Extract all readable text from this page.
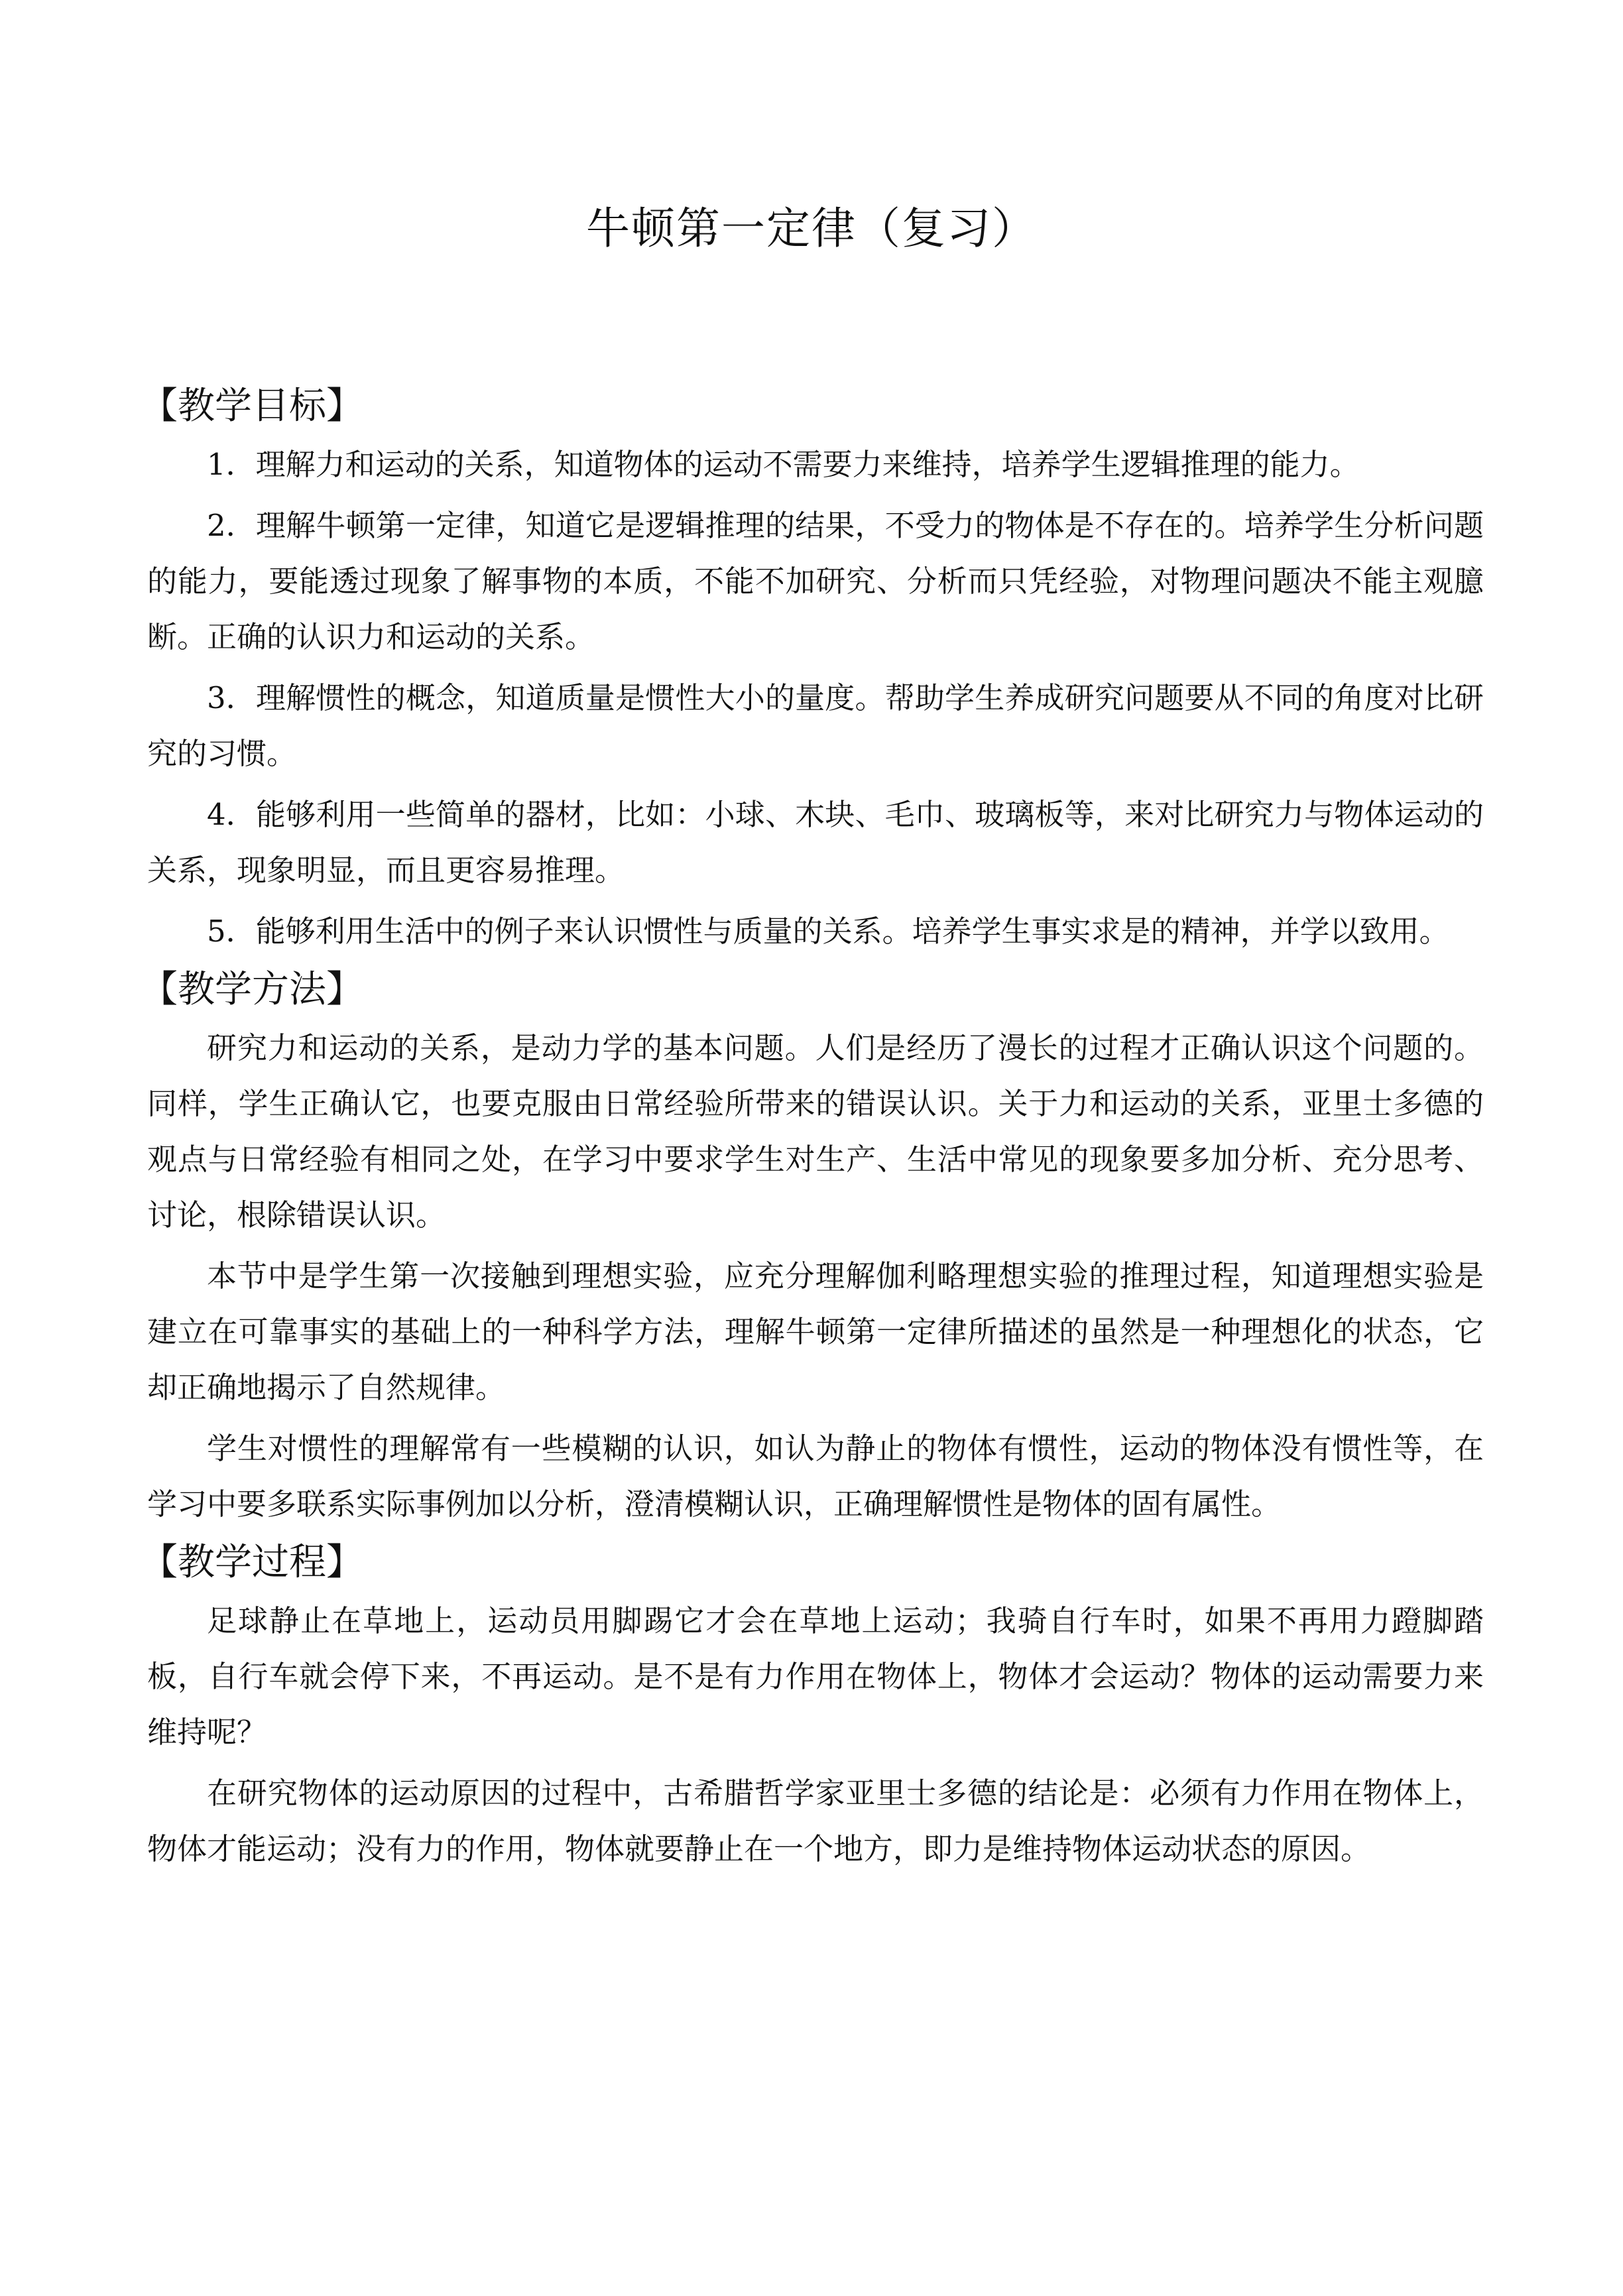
牛顿第一定律（复习）
【教学目标】

1．理解力和运动的关系，知道物体的运动不需要力来维持，培养学生逻辑推理的能力。

2．理解牛顿第一定律，知道它是逻辑推理的结果，不受力的物体是不存在的。培养学生分析问题的能力，要能透过现象了解事物的本质，不能不加研究、分析而只凭经验，对物理问题决不能主观臆断。正确的认识力和运动的关系。

3．理解惯性的概念，知道质量是惯性大小的量度。帮助学生养成研究问题要从不同的角度对比研究的习惯。

4．能够利用一些简单的器材，比如：小球、木块、毛巾、玻璃板等，来对比研究力与物体运动的关系，现象明显，而且更容易推理。

5．能够利用生活中的例子来认识惯性与质量的关系。培养学生事实求是的精神，并学以致用。

【教学方法】

研究力和运动的关系，是动力学的基本问题。人们是经历了漫长的过程才正确认识这个问题的。同样，学生正确认它，也要克服由日常经验所带来的错误认识。关于力和运动的关系，亚里士多德的观点与日常经验有相同之处，在学习中要求学生对生产、生活中常见的现象要多加分析、充分思考、讨论，根除错误认识。

本节中是学生第一次接触到理想实验，应充分理解伽利略理想实验的推理过程，知道理想实验是建立在可靠事实的基础上的一种科学方法，理解牛顿第一定律所描述的虽然是一种理想化的状态，它却正确地揭示了自然规律。

学生对惯性的理解常有一些模糊的认识，如认为静止的物体有惯性，运动的物体没有惯性等，在学习中要多联系实际事例加以分析，澄清模糊认识，正确理解惯性是物体的固有属性。

【教学过程】

足球静止在草地上，运动员用脚踢它才会在草地上运动；我骑自行车时，如果不再用力蹬脚踏板，自行车就会停下来，不再运动。是不是有力作用在物体上，物体才会运动？物体的运动需要力来维持呢？

在研究物体的运动原因的过程中，古希腊哲学家亚里士多德的结论是：必须有力作用在物体上，物体才能运动；没有力的作用，物体就要静止在一个地方，即力是维持物体运动状态的原因。
